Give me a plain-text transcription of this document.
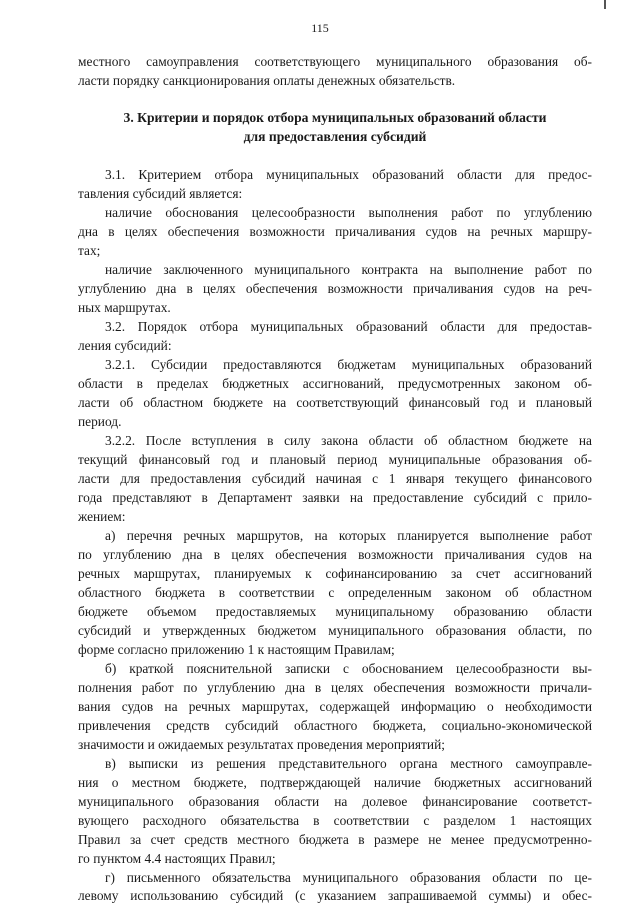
115
местного самоуправления соответствующего муниципального образования об-
ласти порядку санкционирования оплаты денежных обязательств.
3. Критерии и порядок отбора муниципальных образований области
для предоставления субсидий
3.1. Критерием отбора муниципальных образований области для предос-
тавления субсидий является:
наличие обоснования целесообразности выполнения работ по углублению
дна в целях обеспечения возможности причаливания судов на речных маршру-
тах;
наличие заключенного муниципального контракта на выполнение работ по
углублению дна в целях обеспечения возможности причаливания судов на реч-
ных маршрутах.
3.2. Порядок отбора муниципальных образований области для предостав-
ления субсидий:
3.2.1. Субсидии предоставляются бюджетам муниципальных образований
области в пределах бюджетных ассигнований, предусмотренных законом об-
ласти об областном бюджете на соответствующий финансовый год и плановый
период.
3.2.2. После вступления в силу закона области об областном бюджете на
текущий финансовый год и плановый период муниципальные образования об-
ласти для предоставления субсидий начиная с 1 января текущего финансового
года представляют в Департамент заявки на предоставление субсидий с прило-
жением:
а) перечня речных маршрутов, на которых планируется выполнение работ
по углублению дна в целях обеспечения возможности причаливания судов на
речных маршрутах, планируемых к софинансированию за счет ассигнований
областного бюджета в соответствии с определенным законом об областном
бюджете объемом предоставляемых муниципальному образованию области
субсидий и утвержденных бюджетом муниципального образования области, по
форме согласно приложению 1 к настоящим Правилам;
б) краткой пояснительной записки с обоснованием целесообразности вы-
полнения работ по углублению дна в целях обеспечения возможности причали-
вания судов на речных маршрутах, содержащей информацию о необходимости
привлечения средств субсидий областного бюджета, социально-экономической
значимости и ожидаемых результатах проведения мероприятий;
в) выписки из решения представительного органа местного самоуправле-
ния о местном бюджете, подтверждающей наличие бюджетных ассигнований
муниципального образования области на долевое финансирование соответст-
вующего расходного обязательства в соответствии с разделом 1 настоящих
Правил за счет средств местного бюджета в размере не менее предусмотренно-
го пунктом 4.4 настоящих Правил;
г) письменного обязательства муниципального образования области по це-
левому использованию субсидий (с указанием запрашиваемой суммы) и обес-
